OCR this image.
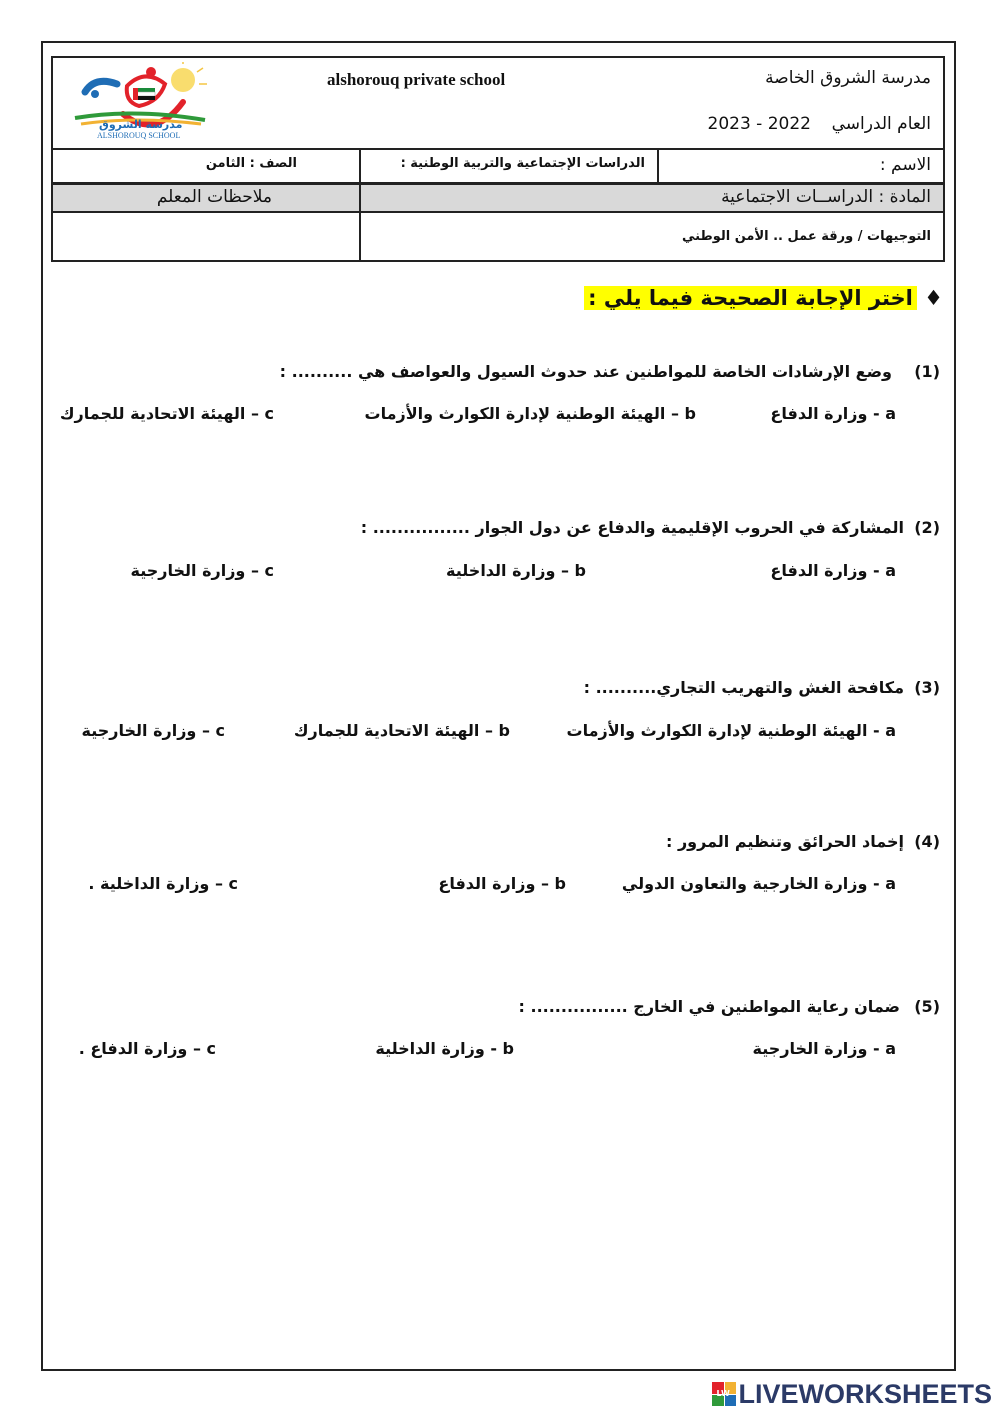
مدرسة الشروق
ALSHOROUQ SCHOOL
alshorouq private school	مدرسة الشروق الخاصة
العام الدراسي
2023 - 2022
الاسم :
الدراسات الإجتماعية والتربية الوطنية :
الصف : الثامن
المادة : الدراســات الاجتماعية
ملاحظات المعلم
التوجيهات / ورقة عمل .. الأمن الوطني
♦ اختر الإجابة الصحيحة فيما يلي :
(1)
وضع الإرشادات الخاصة للمواطنين عند حدوث السيول والعواصف هي .......... :
a - وزارة الدفاع
b – الهيئة الوطنية لإدارة الكوارث والأزمات
c – الهيئة الاتحادية للجمارك
(2)
المشاركة في الحروب الإقليمية والدفاع عن دول الجوار ................ :
a - وزارة الدفاع
b – وزارة الداخلية
c – وزارة الخارجية
(3)
مكافحة الغش والتهريب التجاري.......... :
a - الهيئة الوطنية لإدارة الكوارث والأزمات
b – الهيئة الاتحادية للجمارك
c – وزارة الخارجية
(4)
إخماد الحرائق وتنظيم المرور :
a - وزارة الخارجية والتعاون الدولي
b – وزارة الدفاع
c – وزارة الداخلية .
(5)
ضمان رعاية المواطنين في الخارج ................ :
a - وزارة الخارجية
b - وزارة الداخلية
c – وزارة الدفاع .
LW LIVEWORKSHEETS
